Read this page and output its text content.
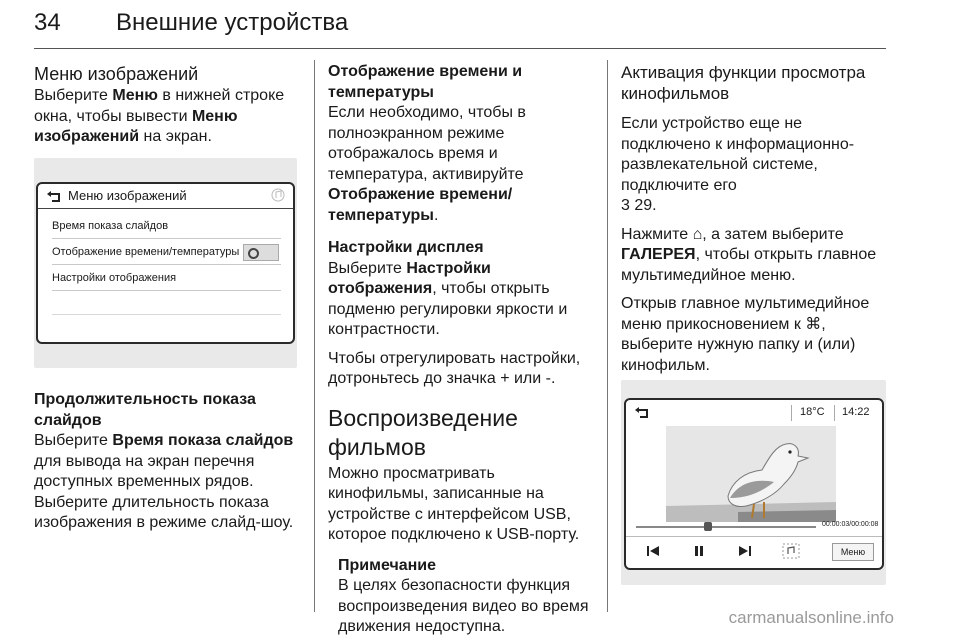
34 Внешние устройства
Меню изображений

Выберите Меню в нижней строке окна, чтобы вывести Меню изображений на экран.

Меню изображений
Время показа слайдов
Отображение времени/температуры
Настройки отображения
Продолжительность показа слайдов

Выберите Время показа слайдов для вывода на экран перечня доступных временных рядов. Выберите длительность показа изображения в режиме слайд-шоу.

Отображение времени и температуры

Если необходимо, чтобы в полноэкранном режиме отображалось время и температура, активируйте Отображение времени/ температуры.

Настройки дисплея

Выберите Настройки отображения, чтобы открыть подменю регулировки яркости и контрастности.

Чтобы отрегулировать настройки, дотроньтесь до значка + или -.

Воспроизведение фильмов

Можно просматривать кинофильмы, записанные на устройстве с интерфейсом USB, которое подключено к USB-порту.

Примечание

В целях безопасности функция воспроизведения видео во время движения недоступна.

Активация функции просмотра кинофильмов

Если устройство еще не подключено к информационно-развлекательной системе, подключите его

3 29.

Нажмите ⌂, а затем выберите ГАЛЕРЕЯ, чтобы открыть главное мультимедийное меню.

Открыв главное мультимедийное меню прикосновением к ⌘, выберите нужную папку и (или) кинофильм.

18°C 14:22
00:00:03/00:00:08
Меню
carmanualsonline.info
